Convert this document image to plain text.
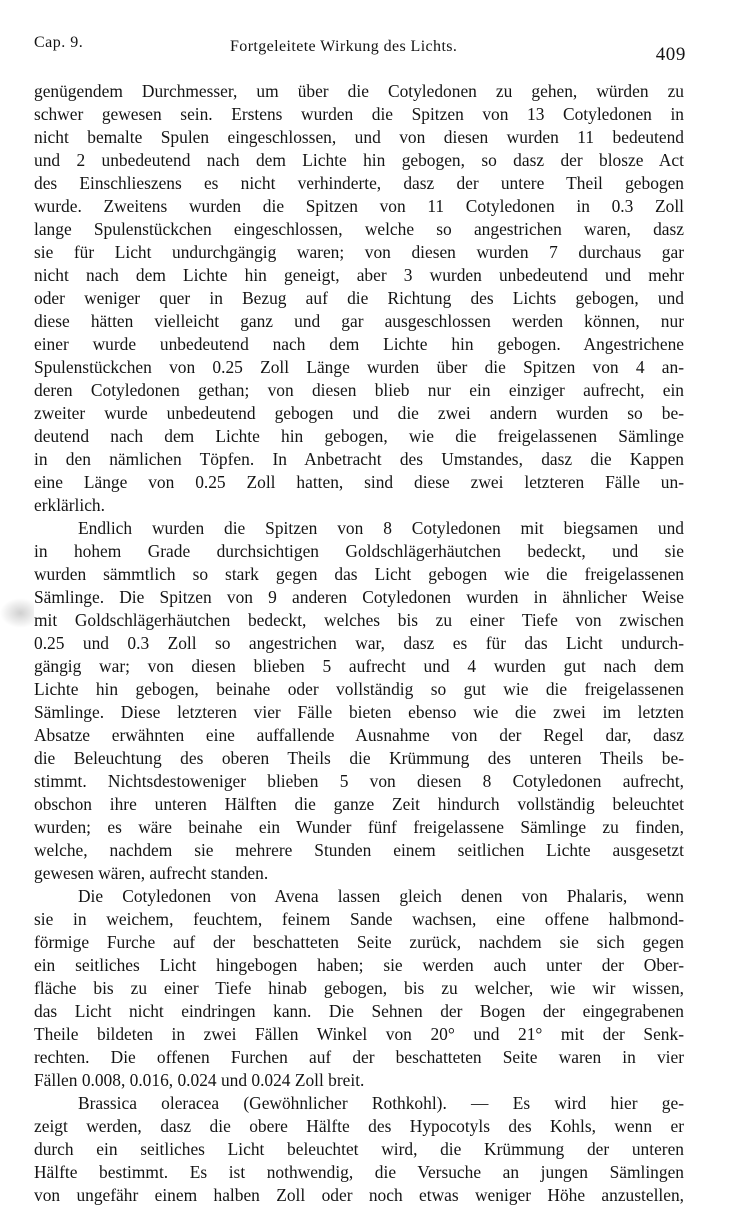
Cap. 9.	Fortgeleitete Wirkung des Lichts.	409
genügendem Durchmesser, um über die Cotyledonen zu gehen, würden zu
schwer gewesen sein. Erstens wurden die Spitzen von 13 Cotyledonen in
nicht bemalte Spulen eingeschlossen, und von diesen wurden 11 bedeutend
und 2 unbedeutend nach dem Lichte hin gebogen, so dasz der blosze Act
des Einschlieszens es nicht verhinderte, dasz der untere Theil gebogen
wurde. Zweitens wurden die Spitzen von 11 Cotyledonen in 0.3 Zoll
lange Spulenstückchen eingeschlossen, welche so angestrichen waren, dasz
sie für Licht undurchgängig waren; von diesen wurden 7 durchaus gar
nicht nach dem Lichte hin geneigt, aber 3 wurden unbedeutend und mehr
oder weniger quer in Bezug auf die Richtung des Lichts gebogen, und
diese hätten vielleicht ganz und gar ausgeschlossen werden können, nur
einer wurde unbedeutend nach dem Lichte hin gebogen. Angestrichene
Spulenstückchen von 0.25 Zoll Länge wurden über die Spitzen von 4 an-
deren Cotyledonen gethan; von diesen blieb nur ein einziger aufrecht, ein
zweiter wurde unbedeutend gebogen und die zwei andern wurden so be-
deutend nach dem Lichte hin gebogen, wie die freigelassenen Sämlinge
in den nämlichen Töpfen. In Anbetracht des Umstandes, dasz die Kappen
eine Länge von 0.25 Zoll hatten, sind diese zwei letzteren Fälle un-
erklärlich.
Endlich wurden die Spitzen von 8 Cotyledonen mit biegsamen und
in hohem Grade durchsichtigen Goldschlägerhäutchen bedeckt, und sie
wurden sämmtlich so stark gegen das Licht gebogen wie die freigelassenen
Sämlinge. Die Spitzen von 9 anderen Cotyledonen wurden in ähnlicher Weise
mit Goldschlägerhäutchen bedeckt, welches bis zu einer Tiefe von zwischen
0.25 und 0.3 Zoll so angestrichen war, dasz es für das Licht undurch-
gängig war; von diesen blieben 5 aufrecht und 4 wurden gut nach dem
Lichte hin gebogen, beinahe oder vollständig so gut wie die freigelassenen
Sämlinge. Diese letzteren vier Fälle bieten ebenso wie die zwei im letzten
Absatze erwähnten eine auffallende Ausnahme von der Regel dar, dasz
die Beleuchtung des oberen Theils die Krümmung des unteren Theils be-
stimmt. Nichtsdestoweniger blieben 5 von diesen 8 Cotyledonen aufrecht,
obschon ihre unteren Hälften die ganze Zeit hindurch vollständig beleuchtet
wurden; es wäre beinahe ein Wunder fünf freigelassene Sämlinge zu finden,
welche, nachdem sie mehrere Stunden einem seitlichen Lichte ausgesetzt
gewesen wären, aufrecht standen.
Die Cotyledonen von Avena lassen gleich denen von Phalaris, wenn
sie in weichem, feuchtem, feinem Sande wachsen, eine offene halbmond-
förmige Furche auf der beschatteten Seite zurück, nachdem sie sich gegen
ein seitliches Licht hingebogen haben; sie werden auch unter der Ober-
fläche bis zu einer Tiefe hinab gebogen, bis zu welcher, wie wir wissen,
das Licht nicht eindringen kann. Die Sehnen der Bogen der eingegrabenen
Theile bildeten in zwei Fällen Winkel von 20° und 21° mit der Senk-
rechten. Die offenen Furchen auf der beschatteten Seite waren in vier
Fällen 0.008, 0.016, 0.024 und 0.024 Zoll breit.
Brassica oleracea (Gewöhnlicher Rothkohl). — Es wird hier ge-
zeigt werden, dasz die obere Hälfte des Hypocotyls des Kohls, wenn er
durch ein seitliches Licht beleuchtet wird, die Krümmung der unteren
Hälfte bestimmt. Es ist nothwendig, die Versuche an jungen Sämlingen
von ungefähr einem halben Zoll oder noch etwas weniger Höhe anzustellen,
